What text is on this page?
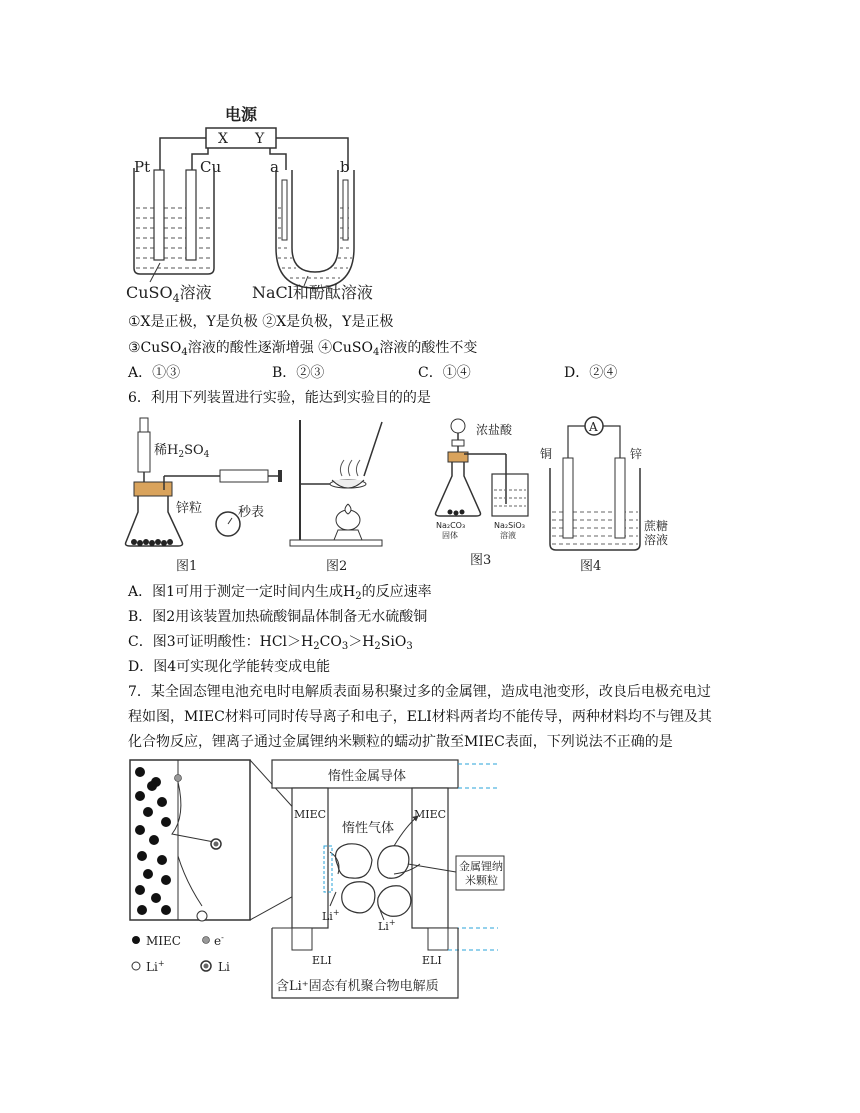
电源
X Y
Pt	Cu	a	b
CuSO$_4$溶液	NaCl和酚酞溶液
①X是正极，Y是负极 ②X是负极，Y是正极
③CuSO$_4$溶液的酸性逐渐增强 ④CuSO$_4$溶液的酸性不变
A．①③	B．②③	C．①④	D．②④
6．利用下列装置进行实验，能达到实验目的的是
稀$H_2SO_4$
锌粒	秒表
图1	图2
浓盐酸
Na₂CO₃
固体
Na₂SiO₃
溶液
图3
A
铜	锌
蔗糖
溶液
图4
A．图1可用于测定一定时间内生成$H_2$的反应速率
B．图2用该装置加热硫酸铜晶体制备无水硫酸铜
C．图3可证明酸性：$HCl>H_2CO_3>H_2SiO_3$
D．图4可实现化学能转变成电能
7．某全固态锂电池充电时电解质表面易积聚过多的金属锂，造成电池变形，改良后电极充电过
程如图，MIEC材料可同时传导离子和电子，ELI材料两者均不能传导，两种材料均不与锂及其
化合物反应，锂离子通过金属锂纳米颗粒的蠕动扩散至MIEC表面，下列说法不正确的是
惰性金属导体
MIEC	MIEC
惰性气体
金属锂纳
米颗粒
Li+
Li+
ELI	ELI
含Li⁺固态有机聚合物电解质
MIEC	e-
Li+	Li
